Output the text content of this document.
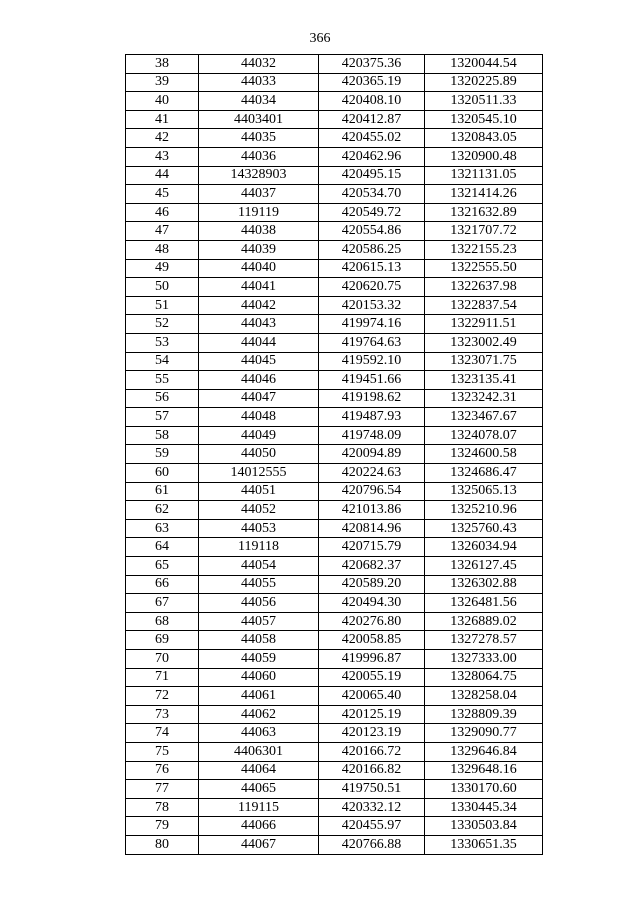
366
38	44032	420375.36	1320044.54
39	44033	420365.19	1320225.89
40	44034	420408.10	1320511.33
41	4403401	420412.87	1320545.10
42	44035	420455.02	1320843.05
43	44036	420462.96	1320900.48
44	14328903	420495.15	1321131.05
45	44037	420534.70	1321414.26
46	119119	420549.72	1321632.89
47	44038	420554.86	1321707.72
48	44039	420586.25	1322155.23
49	44040	420615.13	1322555.50
50	44041	420620.75	1322637.98
51	44042	420153.32	1322837.54
52	44043	419974.16	1322911.51
53	44044	419764.63	1323002.49
54	44045	419592.10	1323071.75
55	44046	419451.66	1323135.41
56	44047	419198.62	1323242.31
57	44048	419487.93	1323467.67
58	44049	419748.09	1324078.07
59	44050	420094.89	1324600.58
60	14012555	420224.63	1324686.47
61	44051	420796.54	1325065.13
62	44052	421013.86	1325210.96
63	44053	420814.96	1325760.43
64	119118	420715.79	1326034.94
65	44054	420682.37	1326127.45
66	44055	420589.20	1326302.88
67	44056	420494.30	1326481.56
68	44057	420276.80	1326889.02
69	44058	420058.85	1327278.57
70	44059	419996.87	1327333.00
71	44060	420055.19	1328064.75
72	44061	420065.40	1328258.04
73	44062	420125.19	1328809.39
74	44063	420123.19	1329090.77
75	4406301	420166.72	1329646.84
76	44064	420166.82	1329648.16
77	44065	419750.51	1330170.60
78	119115	420332.12	1330445.34
79	44066	420455.97	1330503.84
80	44067	420766.88	1330651.35
